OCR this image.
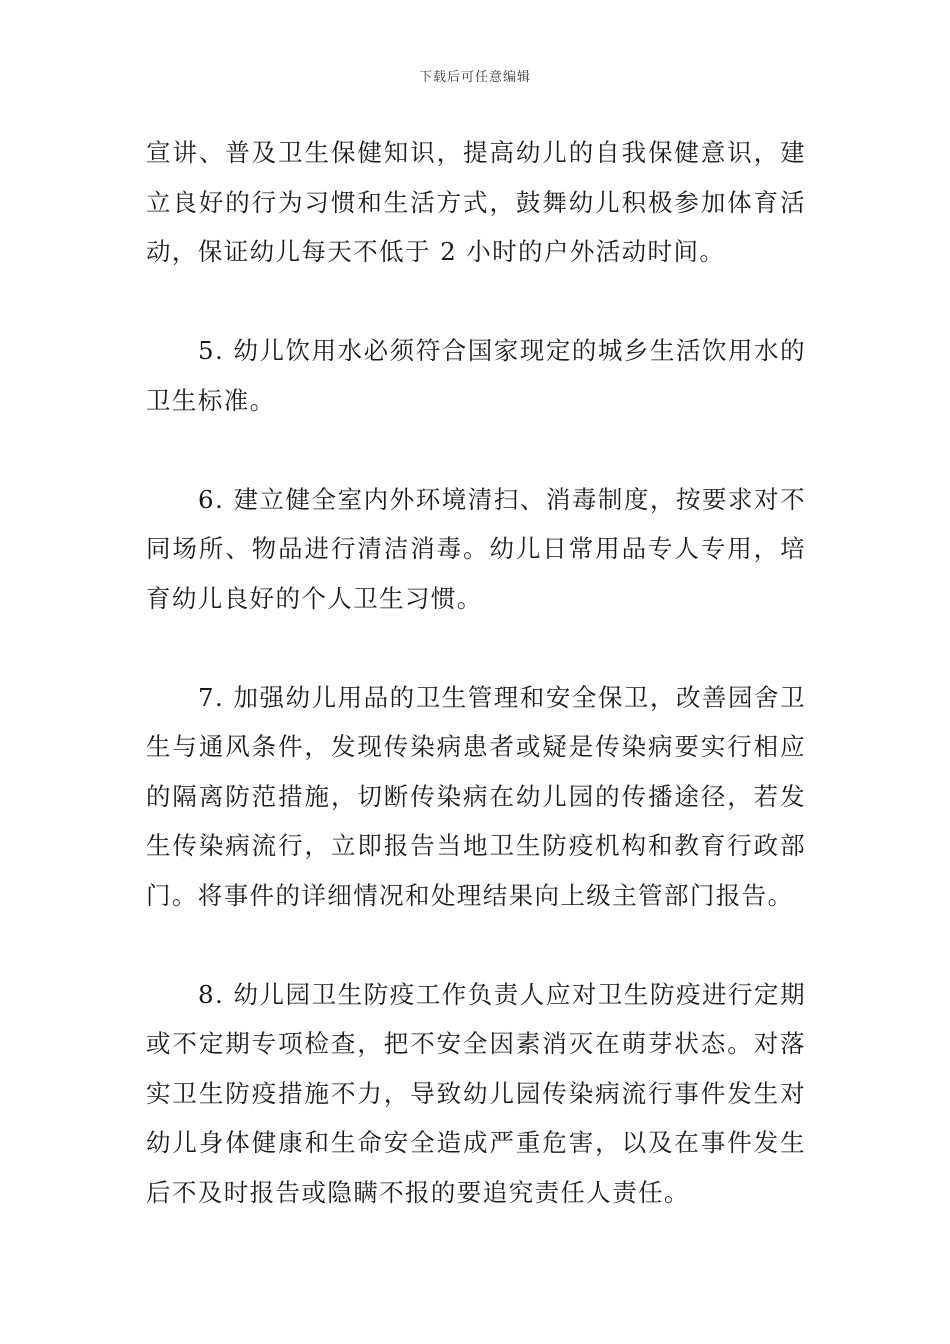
下载后可任意编辑

宣讲、普及卫生保健知识，提高幼儿的自我保健意识，建立良好的行为习惯和生活方式，鼓舞幼儿积极参加体育活动，保证幼儿每天不低于 2 小时的户外活动时间。

5. 幼儿饮用水必须符合国家现定的城乡生活饮用水的卫生标准。

6. 建立健全室内外环境清扫、消毒制度，按要求对不同场所、物品进行清洁消毒。幼儿日常用品专人专用，培育幼儿良好的个人卫生习惯。

7. 加强幼儿用品的卫生管理和安全保卫，改善园舍卫生与通风条件，发现传染病患者或疑是传染病要实行相应的隔离防范措施，切断传染病在幼儿园的传播途径，若发生传染病流行，立即报告当地卫生防疫机构和教育行政部门。将事件的详细情况和处理结果向上级主管部门报告。

8. 幼儿园卫生防疫工作负责人应对卫生防疫进行定期或不定期专项检查，把不安全因素消灭在萌芽状态。对落实卫生防疫措施不力，导致幼儿园传染病流行事件发生对幼儿身体健康和生命安全造成严重危害，以及在事件发生后不及时报告或隐瞒不报的要追究责任人责任。
